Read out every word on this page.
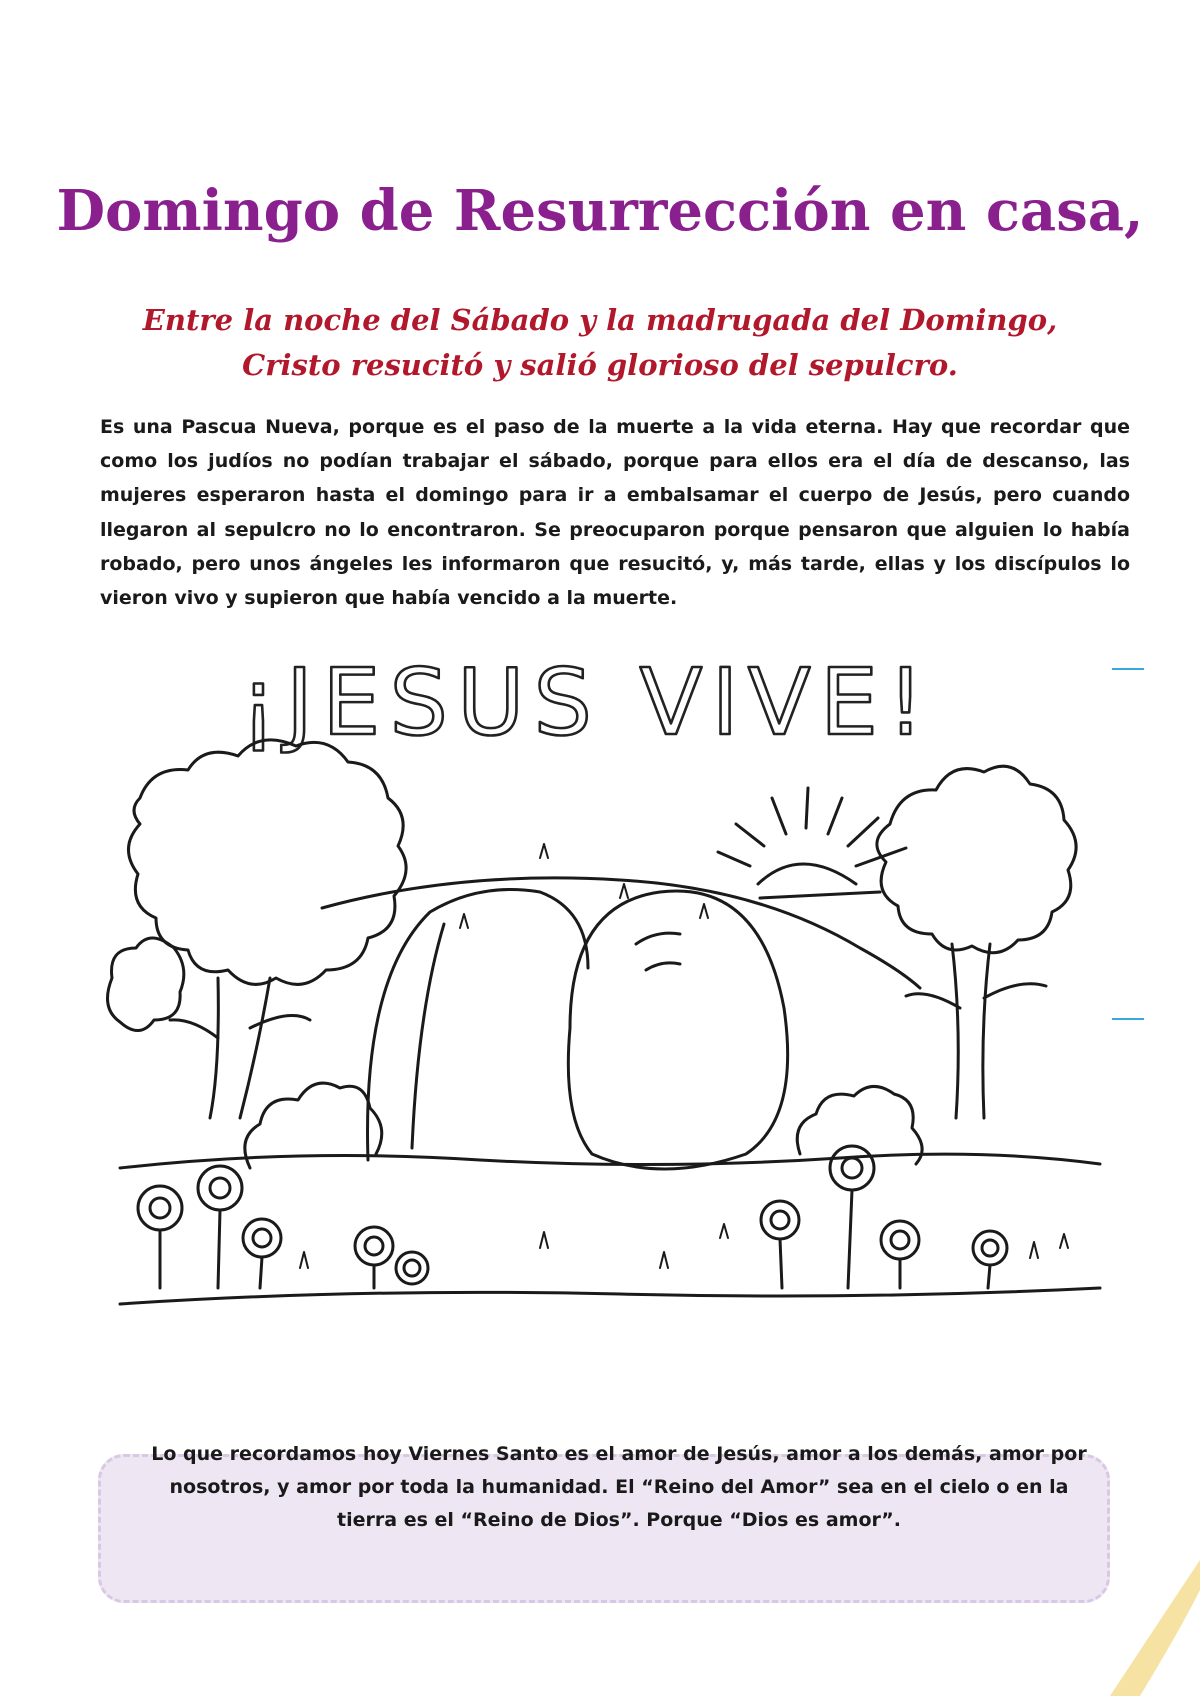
Domingo de Resurrección en casa,
Entre la noche del Sábado y la madrugada del Domingo,
Cristo resucitó y salió glorioso del sepulcro.

Es una Pascua Nueva, porque es el paso de la muerte a la vida eterna. Hay que recordar que como los judíos no podían trabajar el sábado, porque para ellos era el día de descanso, las mujeres esperaron hasta el domingo para ir a embalsamar el cuerpo de Jesús, pero cuando llegaron al sepulcro no lo encontraron. Se preocuparon porque pensaron que alguien lo había robado, pero unos ángeles les informaron que resucitó, y, más tarde, ellas y los discípulos lo vieron vivo y supieron que había vencido a la muerte.

¡JESUS VIVE!

Lo que recordamos hoy Viernes Santo es el amor de Jesús, amor a los demás, amor por nosotros, y amor por toda la humanidad. El “Reino del Amor” sea en el cielo o en la tierra es el “Reino de Dios”. Porque “Dios es amor”.
